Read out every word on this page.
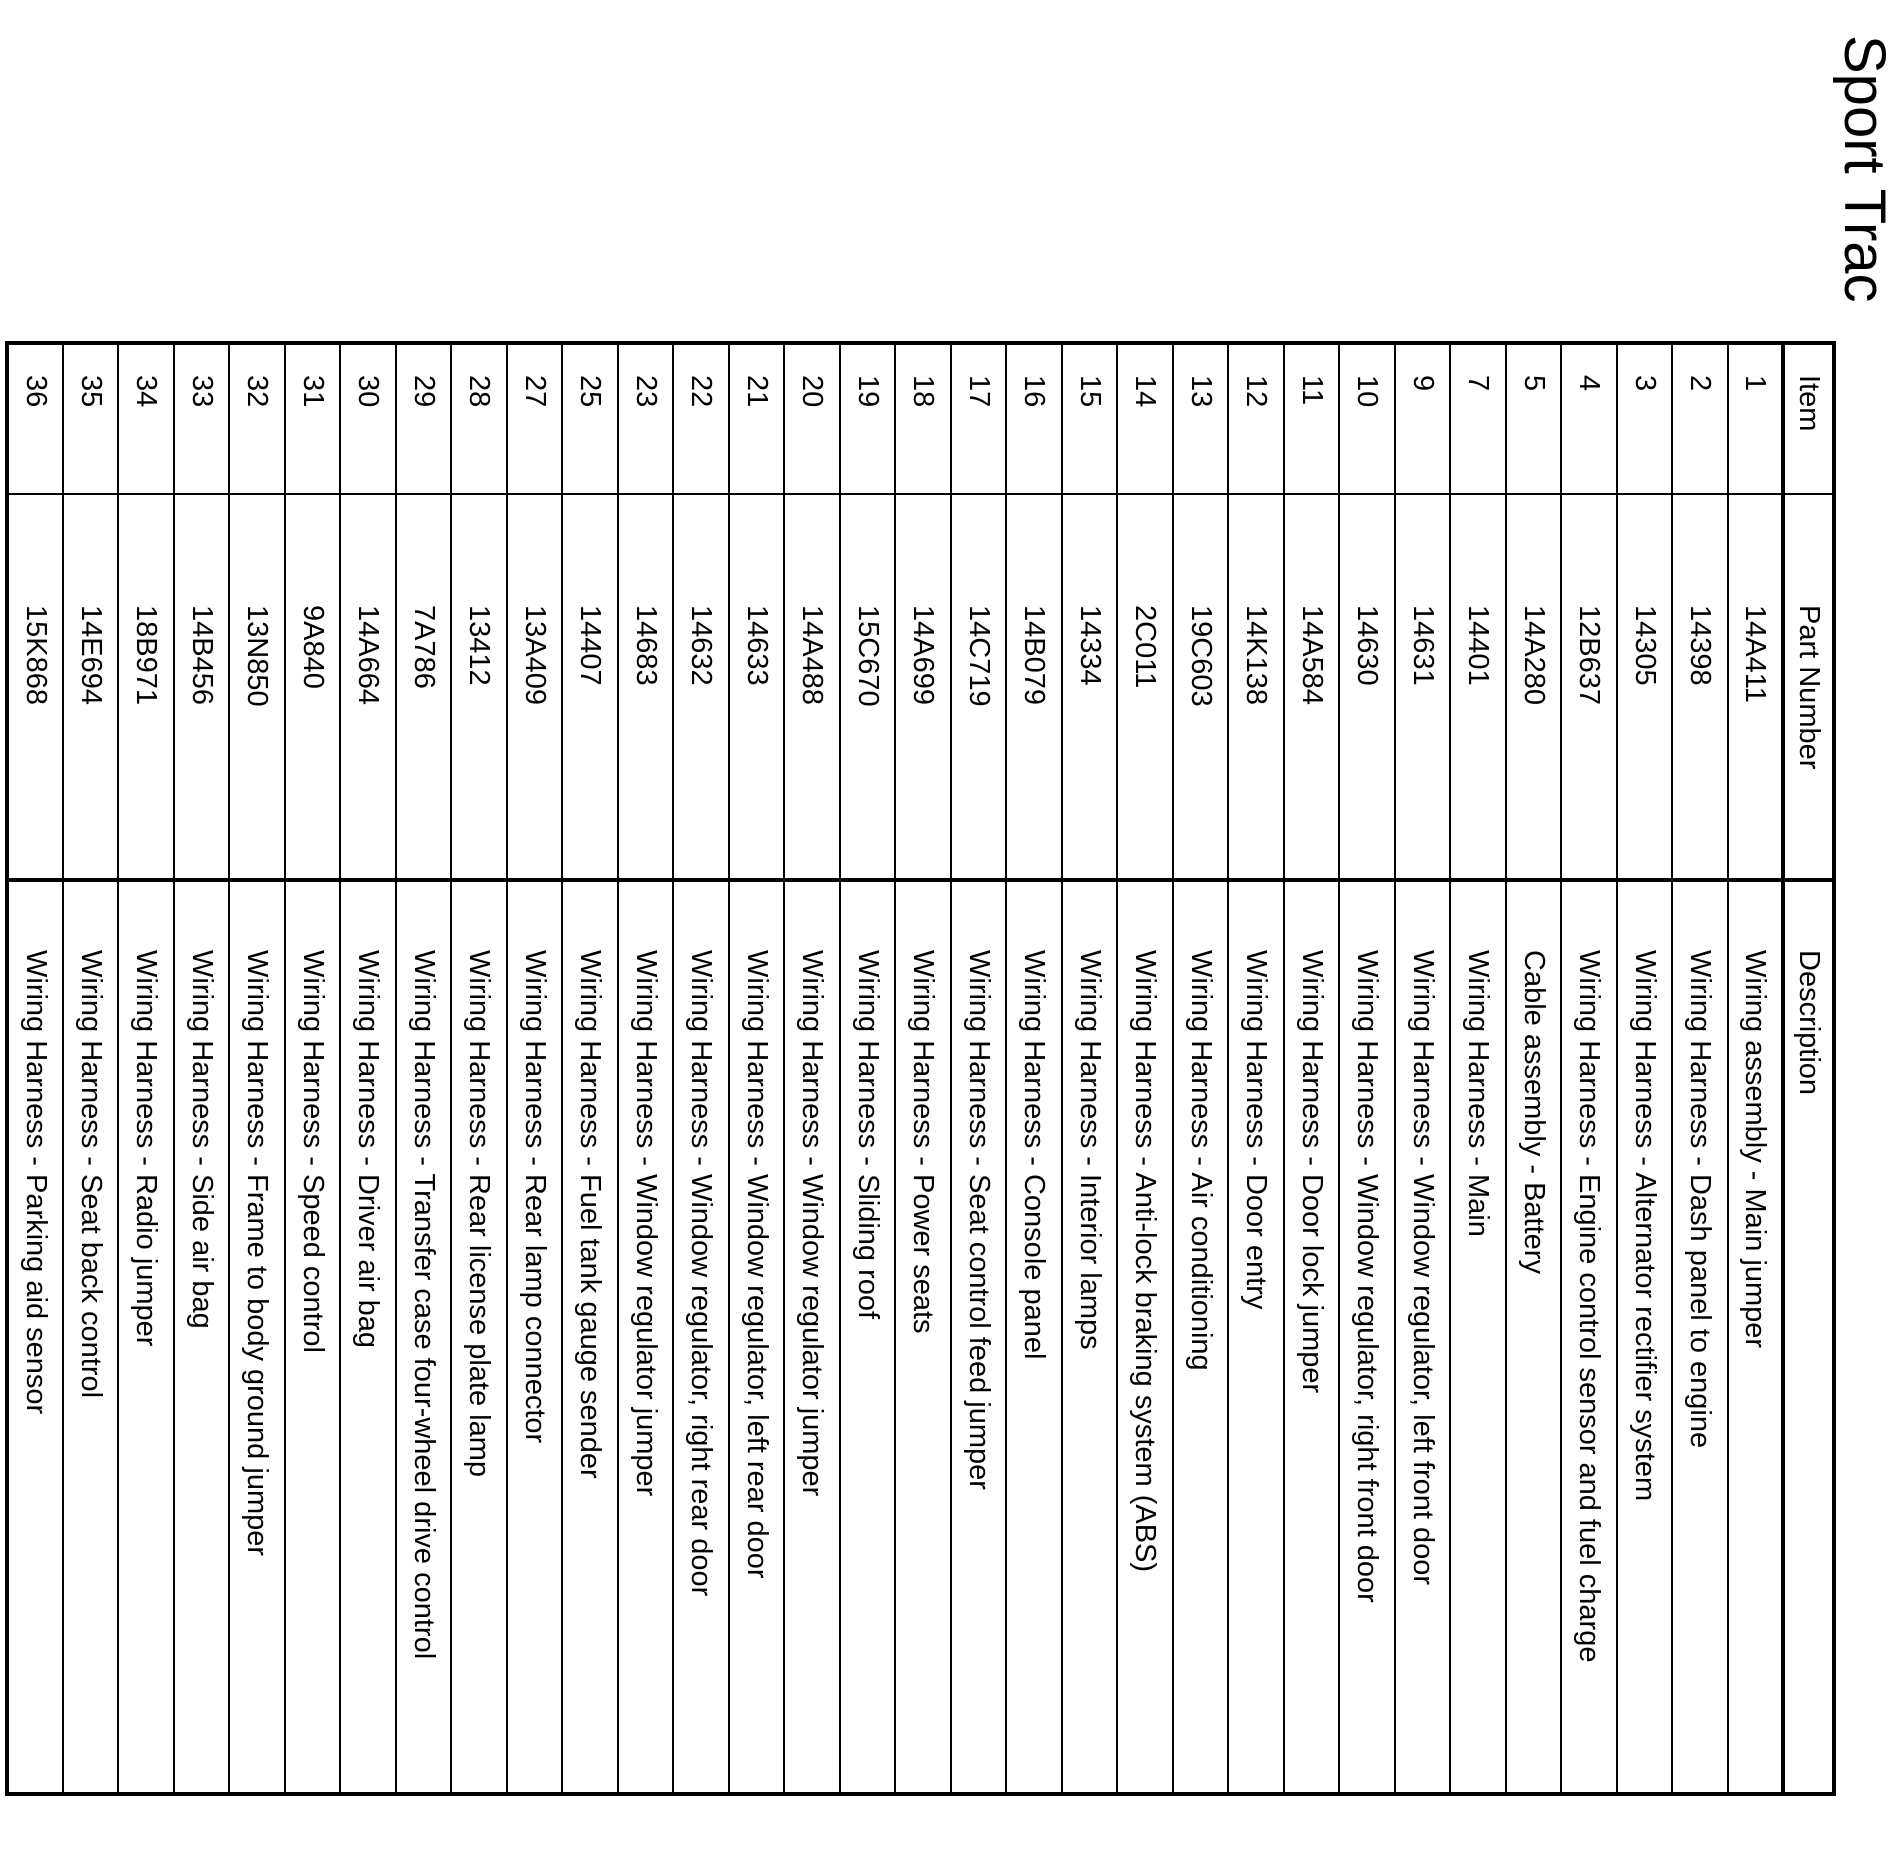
Sport Trac
Item	Part Number	Description
1	14A411	Wiring assembly - Main jumper
2	14398	Wiring Harness - Dash panel to engine
3	14305	Wiring Harness - Alternator rectifier system
4	12B637	Wiring Harness - Engine control sensor and fuel charge
5	14A280	Cable assembly - Battery
7	14401	Wiring Harness - Main
9	14631	Wiring Harness - Window regulator, left front door
10	14630	Wiring Harness - Window regulator, right front door
11	14A584	Wiring Harness - Door lock jumper
12	14K138	Wiring Harness - Door entry
13	19C603	Wiring Harness - Air conditioning
14	2C011	Wiring Harness - Anti-lock braking system (ABS)
15	14334	Wiring Harness - Interior lamps
16	14B079	Wiring Harness - Console panel
17	14C719	Wiring Harness - Seat control feed jumper
18	14A699	Wiring Harness - Power seats
19	15C670	Wiring Harness - Sliding roof
20	14A488	Wiring Harness - Window regulator jumper
21	14633	Wiring Harness - Window regulator, left rear door
22	14632	Wiring Harness - Window regulator, right rear door
23	14683	Wiring Harness - Window regulator jumper
25	14407	Wiring Harness - Fuel tank gauge sender
27	13A409	Wiring Harness - Rear lamp connector
28	13412	Wiring Harness - Rear license plate lamp
29	7A786	Wiring Harness - Transfer case four-wheel drive control
30	14A664	Wiring Harness - Driver air bag
31	9A840	Wiring Harness - Speed control
32	13N850	Wiring Harness - Frame to body ground jumper
33	14B456	Wiring Harness - Side air bag
34	18B971	Wiring Harness - Radio jumper
35	14E694	Wiring Harness - Seat back control
36	15K868	Wiring Harness - Parking aid sensor
